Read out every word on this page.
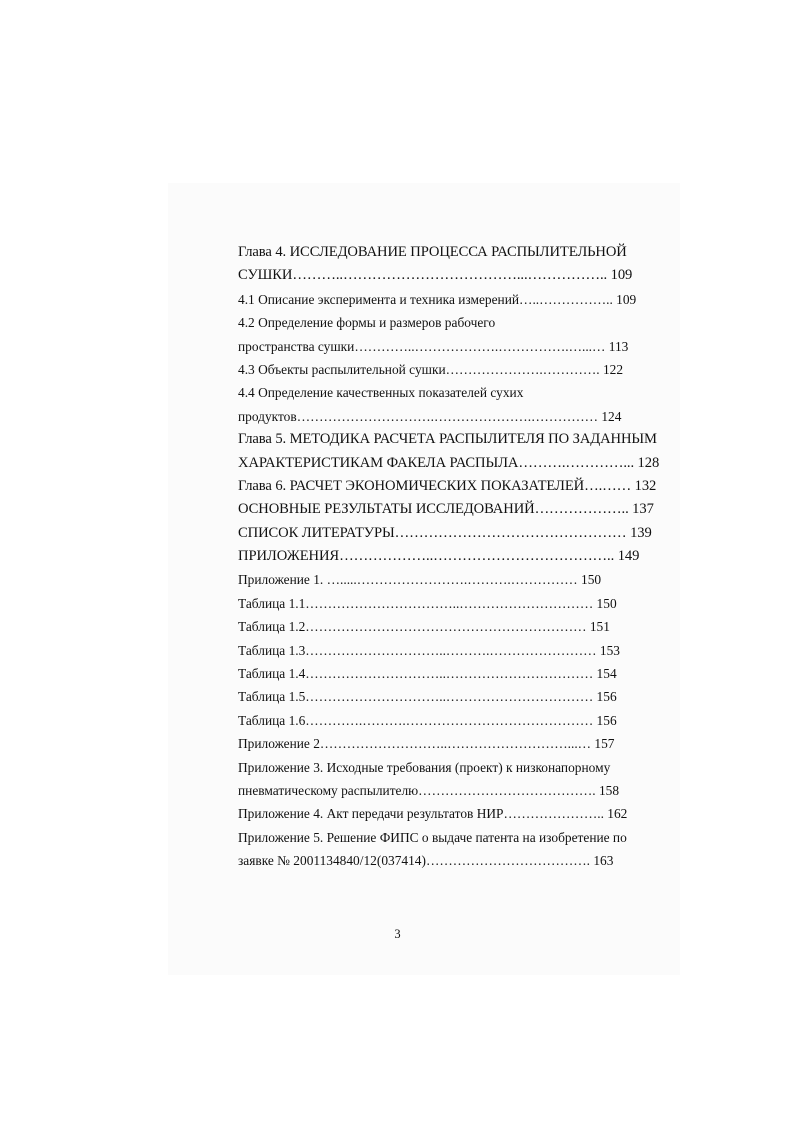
Глава 4. ИССЛЕДОВАНИЕ ПРОЦЕССА РАСПЫЛИТЕЛЬНОЙ
СУШКИ………..………………………………...…………….. 109
4.1 Описание эксперимента и техника измерений…..…………….. 109
4.2 Определение формы и размеров рабочего
пространства сушки…………..……………….…………….…...… 113
4.3 Объекты распылительной сушки………………….…………. 122
4.4 Определение качественных показателей сухих
продуктов………………………….………………….…………… 124
Глава 5. МЕТОДИКА РАСЧЕТА РАСПЫЛИТЕЛЯ ПО ЗАДАННЫМ
ХАРАКТЕРИСТИКАМ ФАКЕЛА РАСПЫЛА……….…………... 128
Глава 6. РАСЧЕТ ЭКОНОМИЧЕСКИХ ПОКАЗАТЕЛЕЙ….…… 132
ОСНОВНЫЕ РЕЗУЛЬТАТЫ ИССЛЕДОВАНИЙ……………….. 137
СПИСОК ЛИТЕРАТУРЫ………………………………………… 139
ПРИЛОЖЕНИЯ………………..……………………………….. 149
Приложение 1. ….....…………………….……….…………… 150
Таблица 1.1……………………………..………………………… 150
Таблица 1.2……………………………………………………… 151
Таблица 1.3…………………………..……….…………………… 153
Таблица 1.4…………………………..…………………………… 154
Таблица 1.5…………………………..…………………………… 156
Таблица 1.6………….……….…………………………………… 156
Приложение 2………………………..………………………...… 157
Приложение 3. Исходные требования (проект) к низконапорному
пневматическому распылителю…………………………………. 158
Приложение 4. Акт передачи результатов НИР………………….. 162
Приложение 5. Решение ФИПС о выдаче патента на изобретение по
заявке № 2001134840/12(037414)………………………………. 163
3
